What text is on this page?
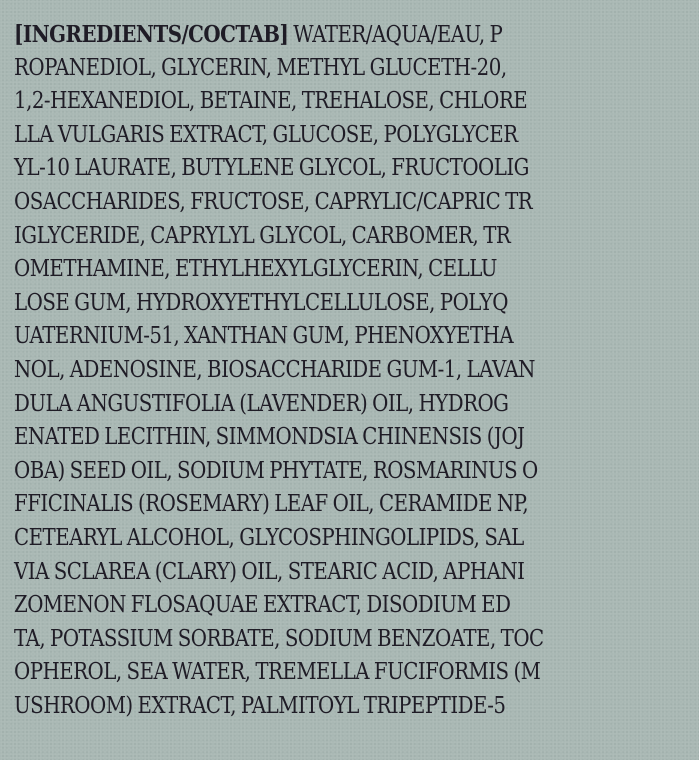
[INGREDIENTS/COCTAB] WATER/AQUA/EAU, P
ROPANEDIOL, GLYCERIN, METHYL GLUCETH-20,
1,2-HEXANEDIOL, BETAINE, TREHALOSE, CHLORE
LLA VULGARIS EXTRACT, GLUCOSE, POLYGLYCER
YL-10 LAURATE, BUTYLENE GLYCOL, FRUCTOOLIG
OSACCHARIDES, FRUCTOSE, CAPRYLIC/CAPRIC TR
IGLYCERIDE, CAPRYLYL GLYCOL, CARBOMER, TR
OMETHAMINE, ETHYLHEXYLGLYCERIN, CELLU
LOSE GUM, HYDROXYETHYLCELLULOSE, POLYQ
UATERNIUM-51, XANTHAN GUM, PHENOXYETHA
NOL, ADENOSINE, BIOSACCHARIDE GUM-1, LAVAN
DULA ANGUSTIFOLIA (LAVENDER) OIL, HYDROG
ENATED LECITHIN, SIMMONDSIA CHINENSIS (JOJ
OBA) SEED OIL, SODIUM PHYTATE, ROSMARINUS O
FFICINALIS (ROSEMARY) LEAF OIL, CERAMIDE NP,
CETEARYL ALCOHOL, GLYCOSPHINGOLIPIDS, SAL
VIA SCLAREA (CLARY) OIL, STEARIC ACID, APHANI
ZOMENON FLOSAQUAE EXTRACT, DISODIUM ED
TA, POTASSIUM SORBATE, SODIUM BENZOATE, TOC
OPHEROL, SEA WATER, TREMELLA FUCIFORMIS (M
USHROOM) EXTRACT, PALMITOYL TRIPEPTIDE-5
